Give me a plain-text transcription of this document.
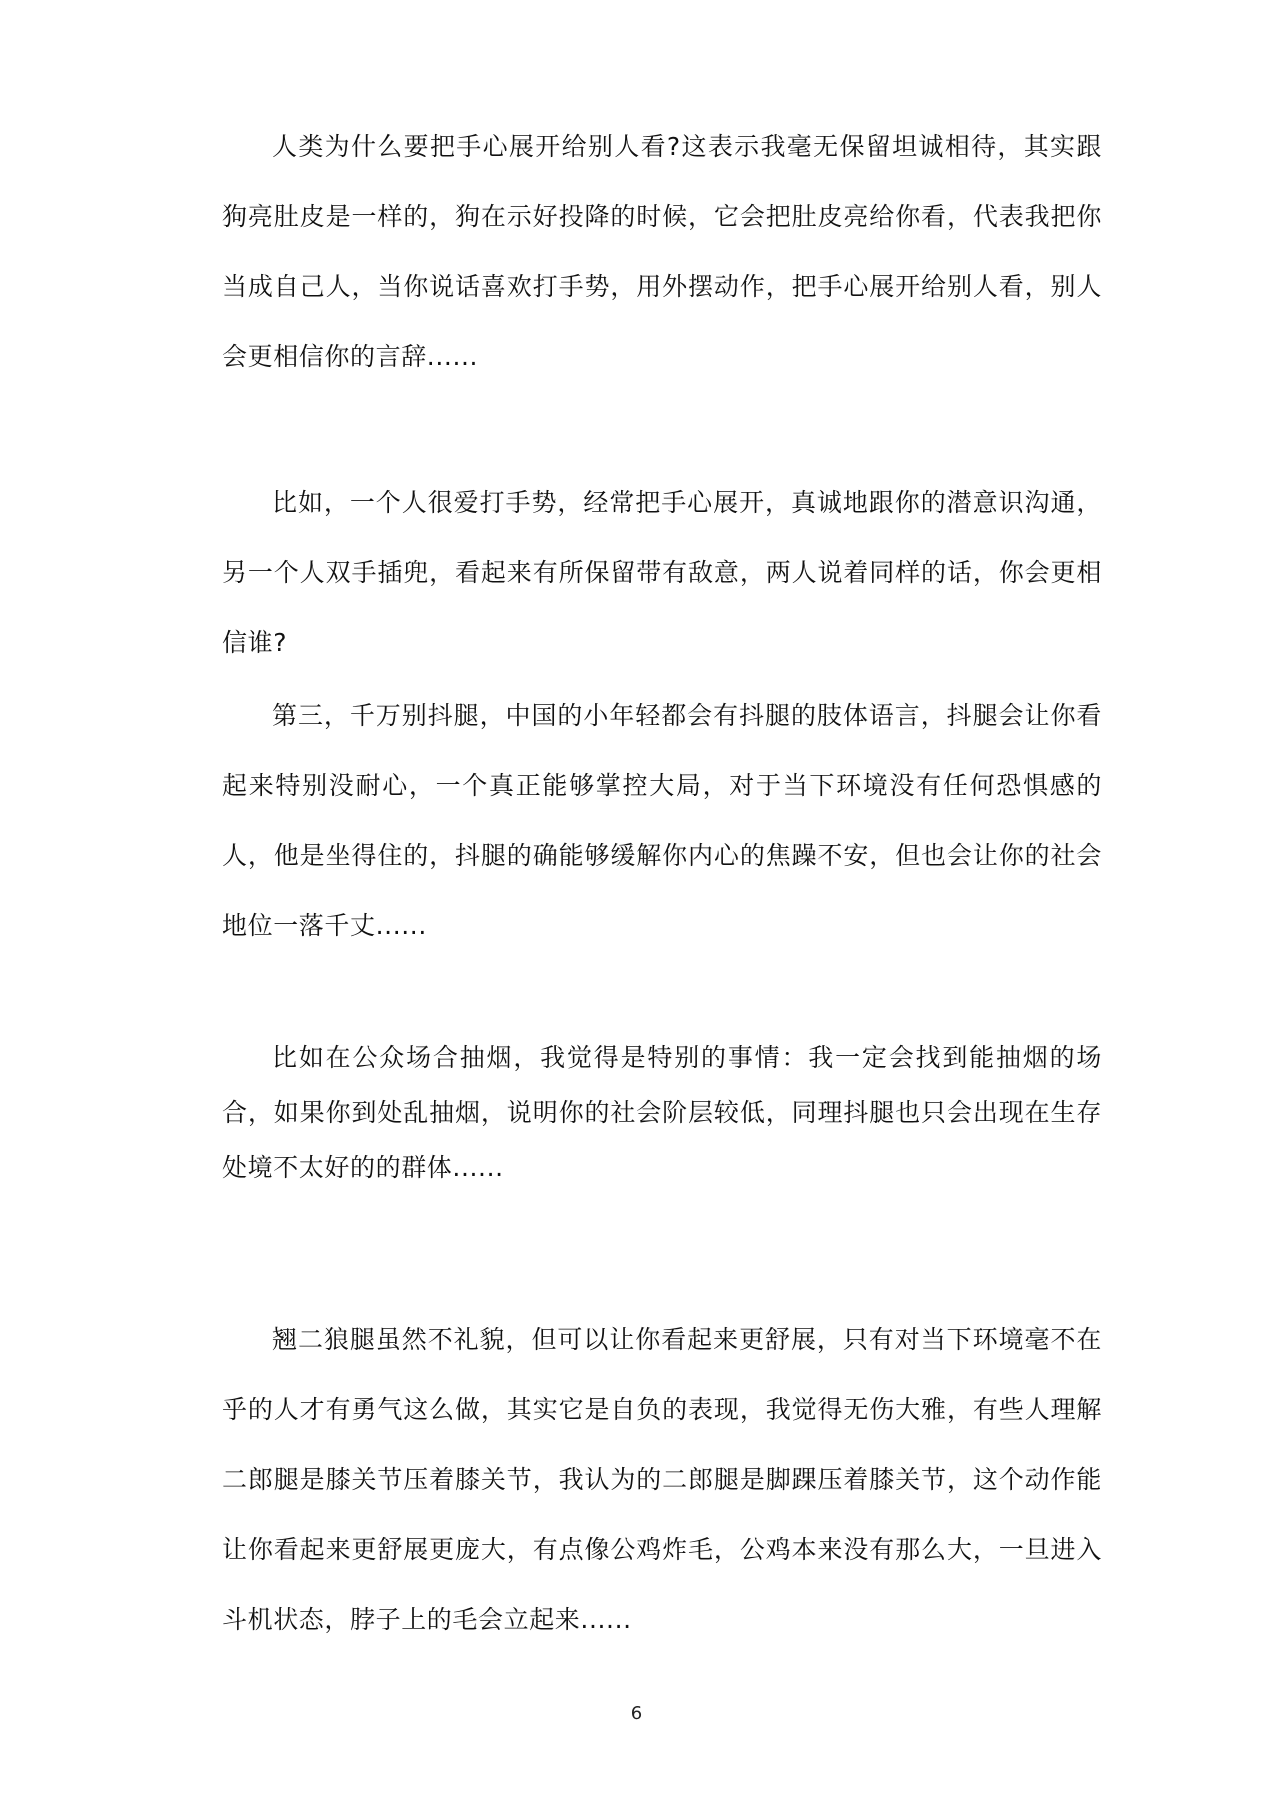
人类为什么要把手心展开给别人看?这表示我毫无保留坦诚相待，其实跟狗亮肚皮是一样的，狗在示好投降的时候，它会把肚皮亮给你看，代表我把你当成自己人，当你说话喜欢打手势，用外摆动作，把手心展开给别人看，别人会更相信你的言辞......

比如，一个人很爱打手势，经常把手心展开，真诚地跟你的潜意识沟通，另一个人双手插兜，看起来有所保留带有敌意，两人说着同样的话，你会更相信谁?

第三，千万别抖腿，中国的小年轻都会有抖腿的肢体语言，抖腿会让你看起来特别没耐心，一个真正能够掌控大局，对于当下环境没有任何恐惧感的人，他是坐得住的，抖腿的确能够缓解你内心的焦躁不安，但也会让你的社会地位一落千丈......

比如在公众场合抽烟，我觉得是特别的事情：我一定会找到能抽烟的场合，如果你到处乱抽烟，说明你的社会阶层较低，同理抖腿也只会出现在生存处境不太好的的群体......

翘二狼腿虽然不礼貌，但可以让你看起来更舒展，只有对当下环境毫不在乎的人才有勇气这么做，其实它是自负的表现，我觉得无伤大雅，有些人理解二郎腿是膝关节压着膝关节，我认为的二郎腿是脚踝压着膝关节，这个动作能让你看起来更舒展更庞大，有点像公鸡炸毛，公鸡本来没有那么大，一旦进入斗机状态，脖子上的毛会立起来......

6
